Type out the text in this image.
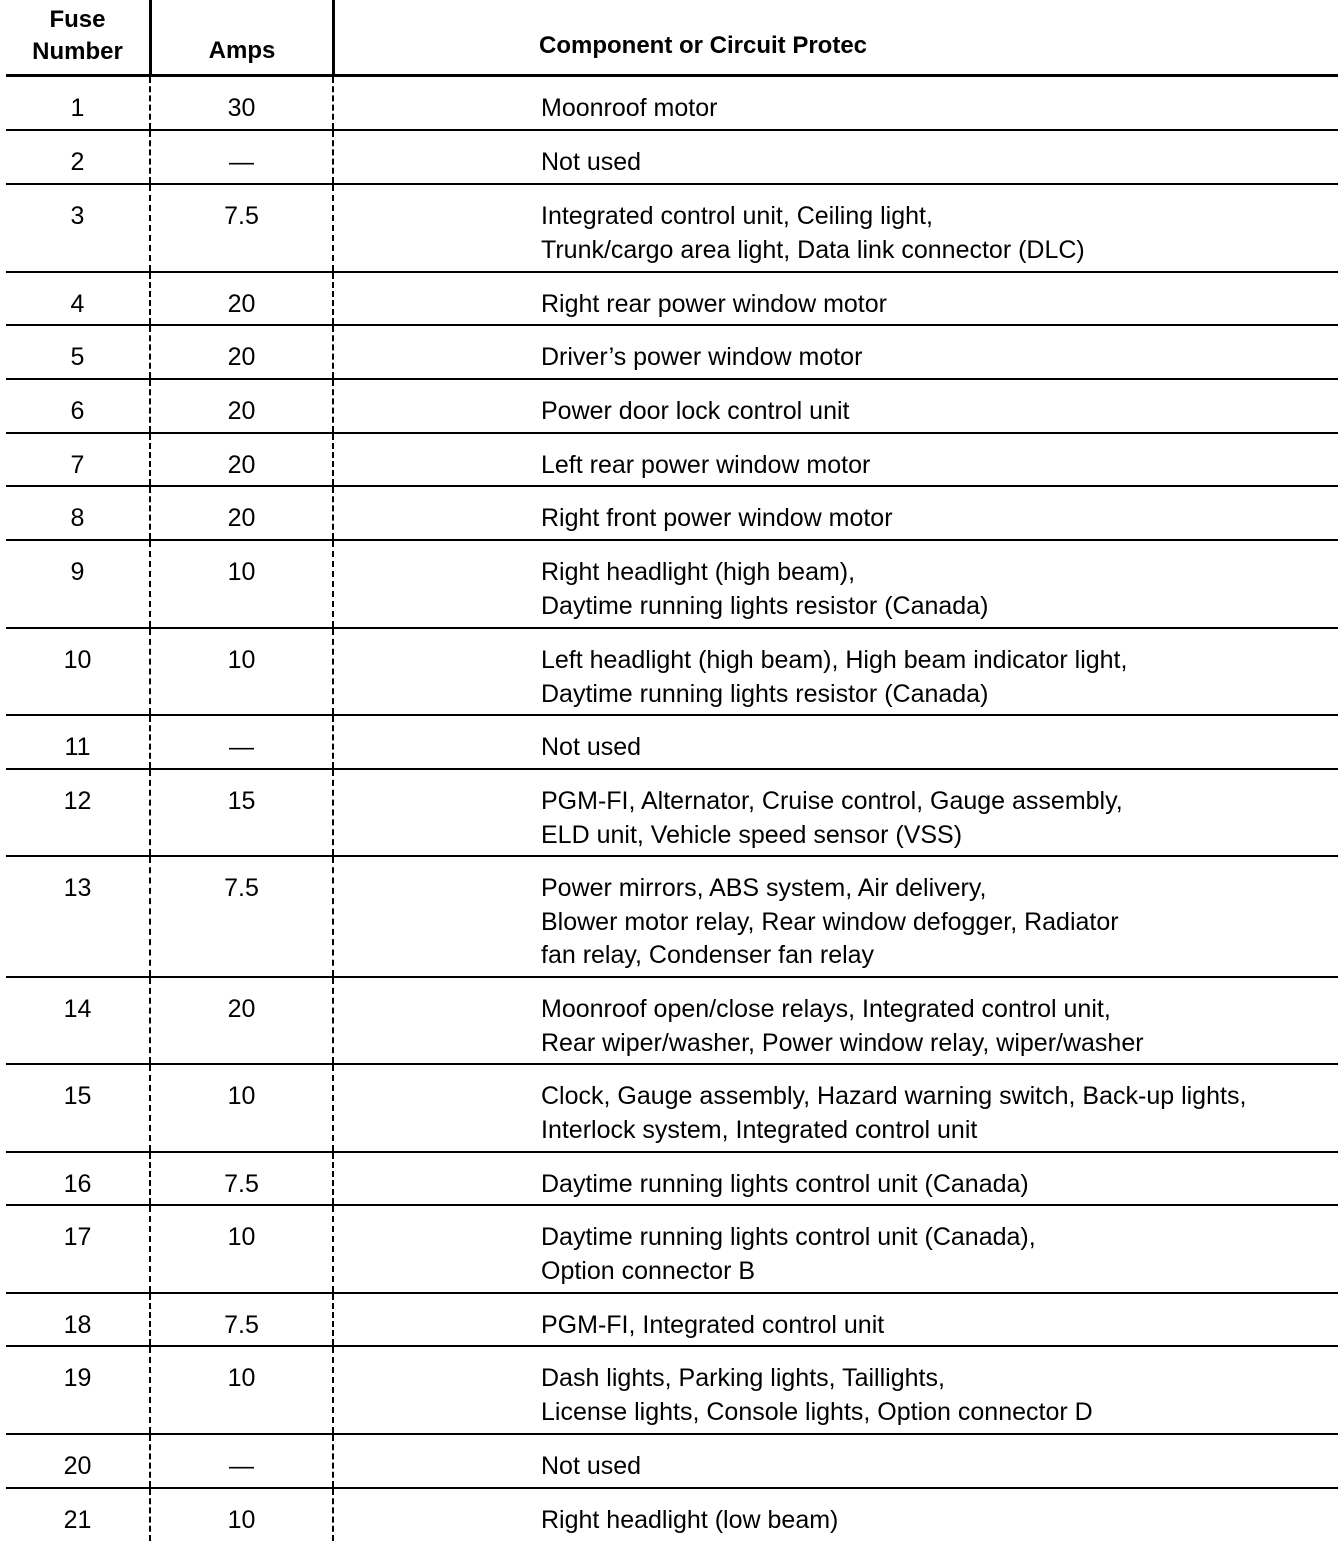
Fuse
Number	Amps	Component or Circuit Protec
1	30	Moonroof motor
2	—	Not used
3	7.5	Integrated control unit, Ceiling light,
Trunk/cargo area light, Data link connector (DLC)
4	20	Right rear power window motor
5	20	Driver’s power window motor
6	20	Power door lock control unit
7	20	Left rear power window motor
8	20	Right front power window motor
9	10	Right headlight (high beam),
Daytime running lights resistor (Canada)
10	10	Left headlight (high beam), High beam indicator light,
Daytime running lights resistor (Canada)
11	—	Not used
12	15	PGM-FI, Alternator, Cruise control, Gauge assembly,
ELD unit, Vehicle speed sensor (VSS)
13	7.5	Power mirrors, ABS system, Air delivery,
Blower motor relay, Rear window defogger, Radiator
fan relay, Condenser fan relay
14	20	Moonroof open/close relays, Integrated control unit,
Rear wiper/washer, Power window relay, wiper/washer
15	10	Clock, Gauge assembly, Hazard warning switch, Back-up lights,
Interlock system, Integrated control unit
16	7.5	Daytime running lights control unit (Canada)
17	10	Daytime running lights control unit (Canada),
Option connector B
18	7.5	PGM-FI, Integrated control unit
19	10	Dash lights, Parking lights, Taillights,
License lights, Console lights, Option connector D
20	—	Not used
21	10	Right headlight (low beam)
